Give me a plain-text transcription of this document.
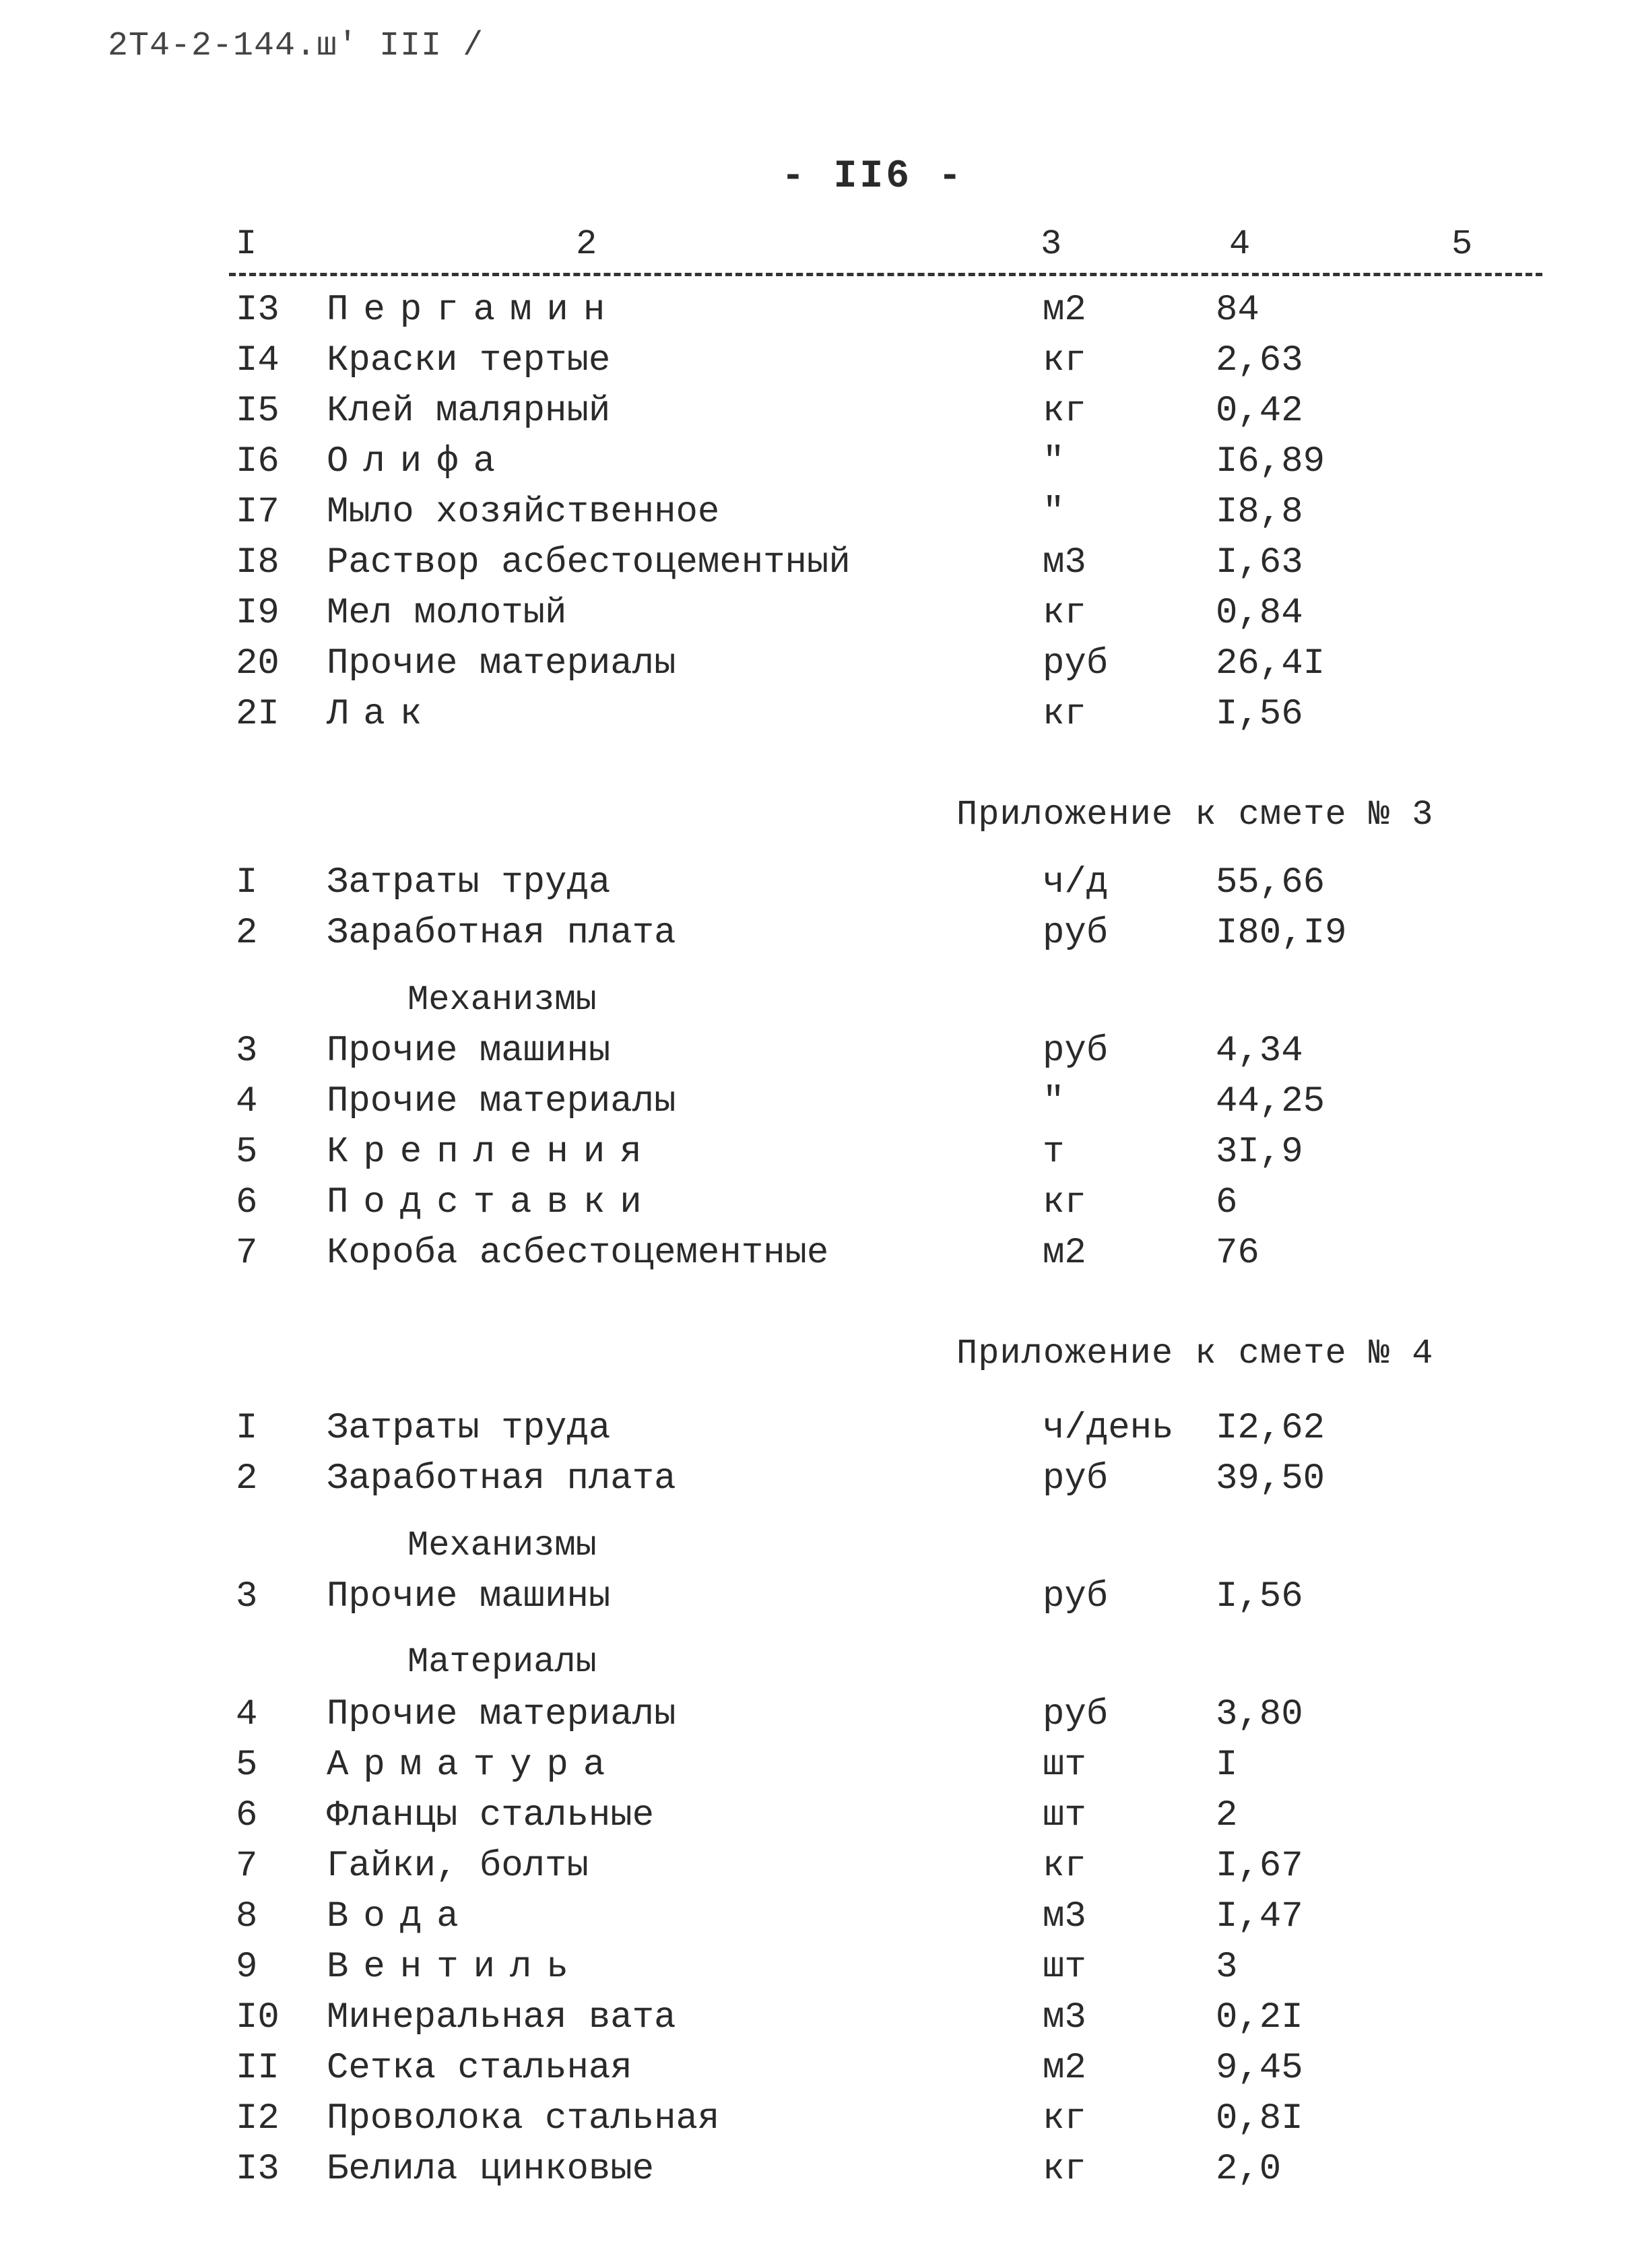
2Т4-2-144.ш' III /
- II6 -
I	2	3	4	5
I3 Пергамин	м2	84
I4 Краски тертые	кг	2,63
I5 Клей малярный	кг	0,42
I6 Олифа	"	I6,89
I7 Мыло хозяйственное	"	I8,8
I8 Раствор асбестоцементный	м3	I,63
I9 Мел молотый	кг	0,84
20 Прочие материалы	руб	26,4I
2I Лак	кг	I,56
Приложение к смете № 3
I Затраты труда	ч/д	55,66
2 Заработная плата	руб	I80,I9
Механизмы
3 Прочие машины	руб	4,34
4 Прочие материалы	"	44,25
5 Крепления	т	3I,9
6 Подставки	кг	6
7 Короба асбестоцементные	м2	76
Приложение к смете № 4
I Затраты труда	ч/день I2,62
2 Заработная плата	руб	39,50
Механизмы
3 Прочие машины	руб	I,56
Материалы
4 Прочие материалы	руб	3,80
5 Арматура	шт	I
6 Фланцы стальные	шт	2
7 Гайки, болты	кг	I,67
8 Вода	м3	I,47
9 Вентиль	шт	3
I0 Минеральная вата	м3	0,2I
II Сетка стальная	м2	9,45
I2 Проволока стальная	кг	0,8I
I3 Белила цинковые	кг	2,0
